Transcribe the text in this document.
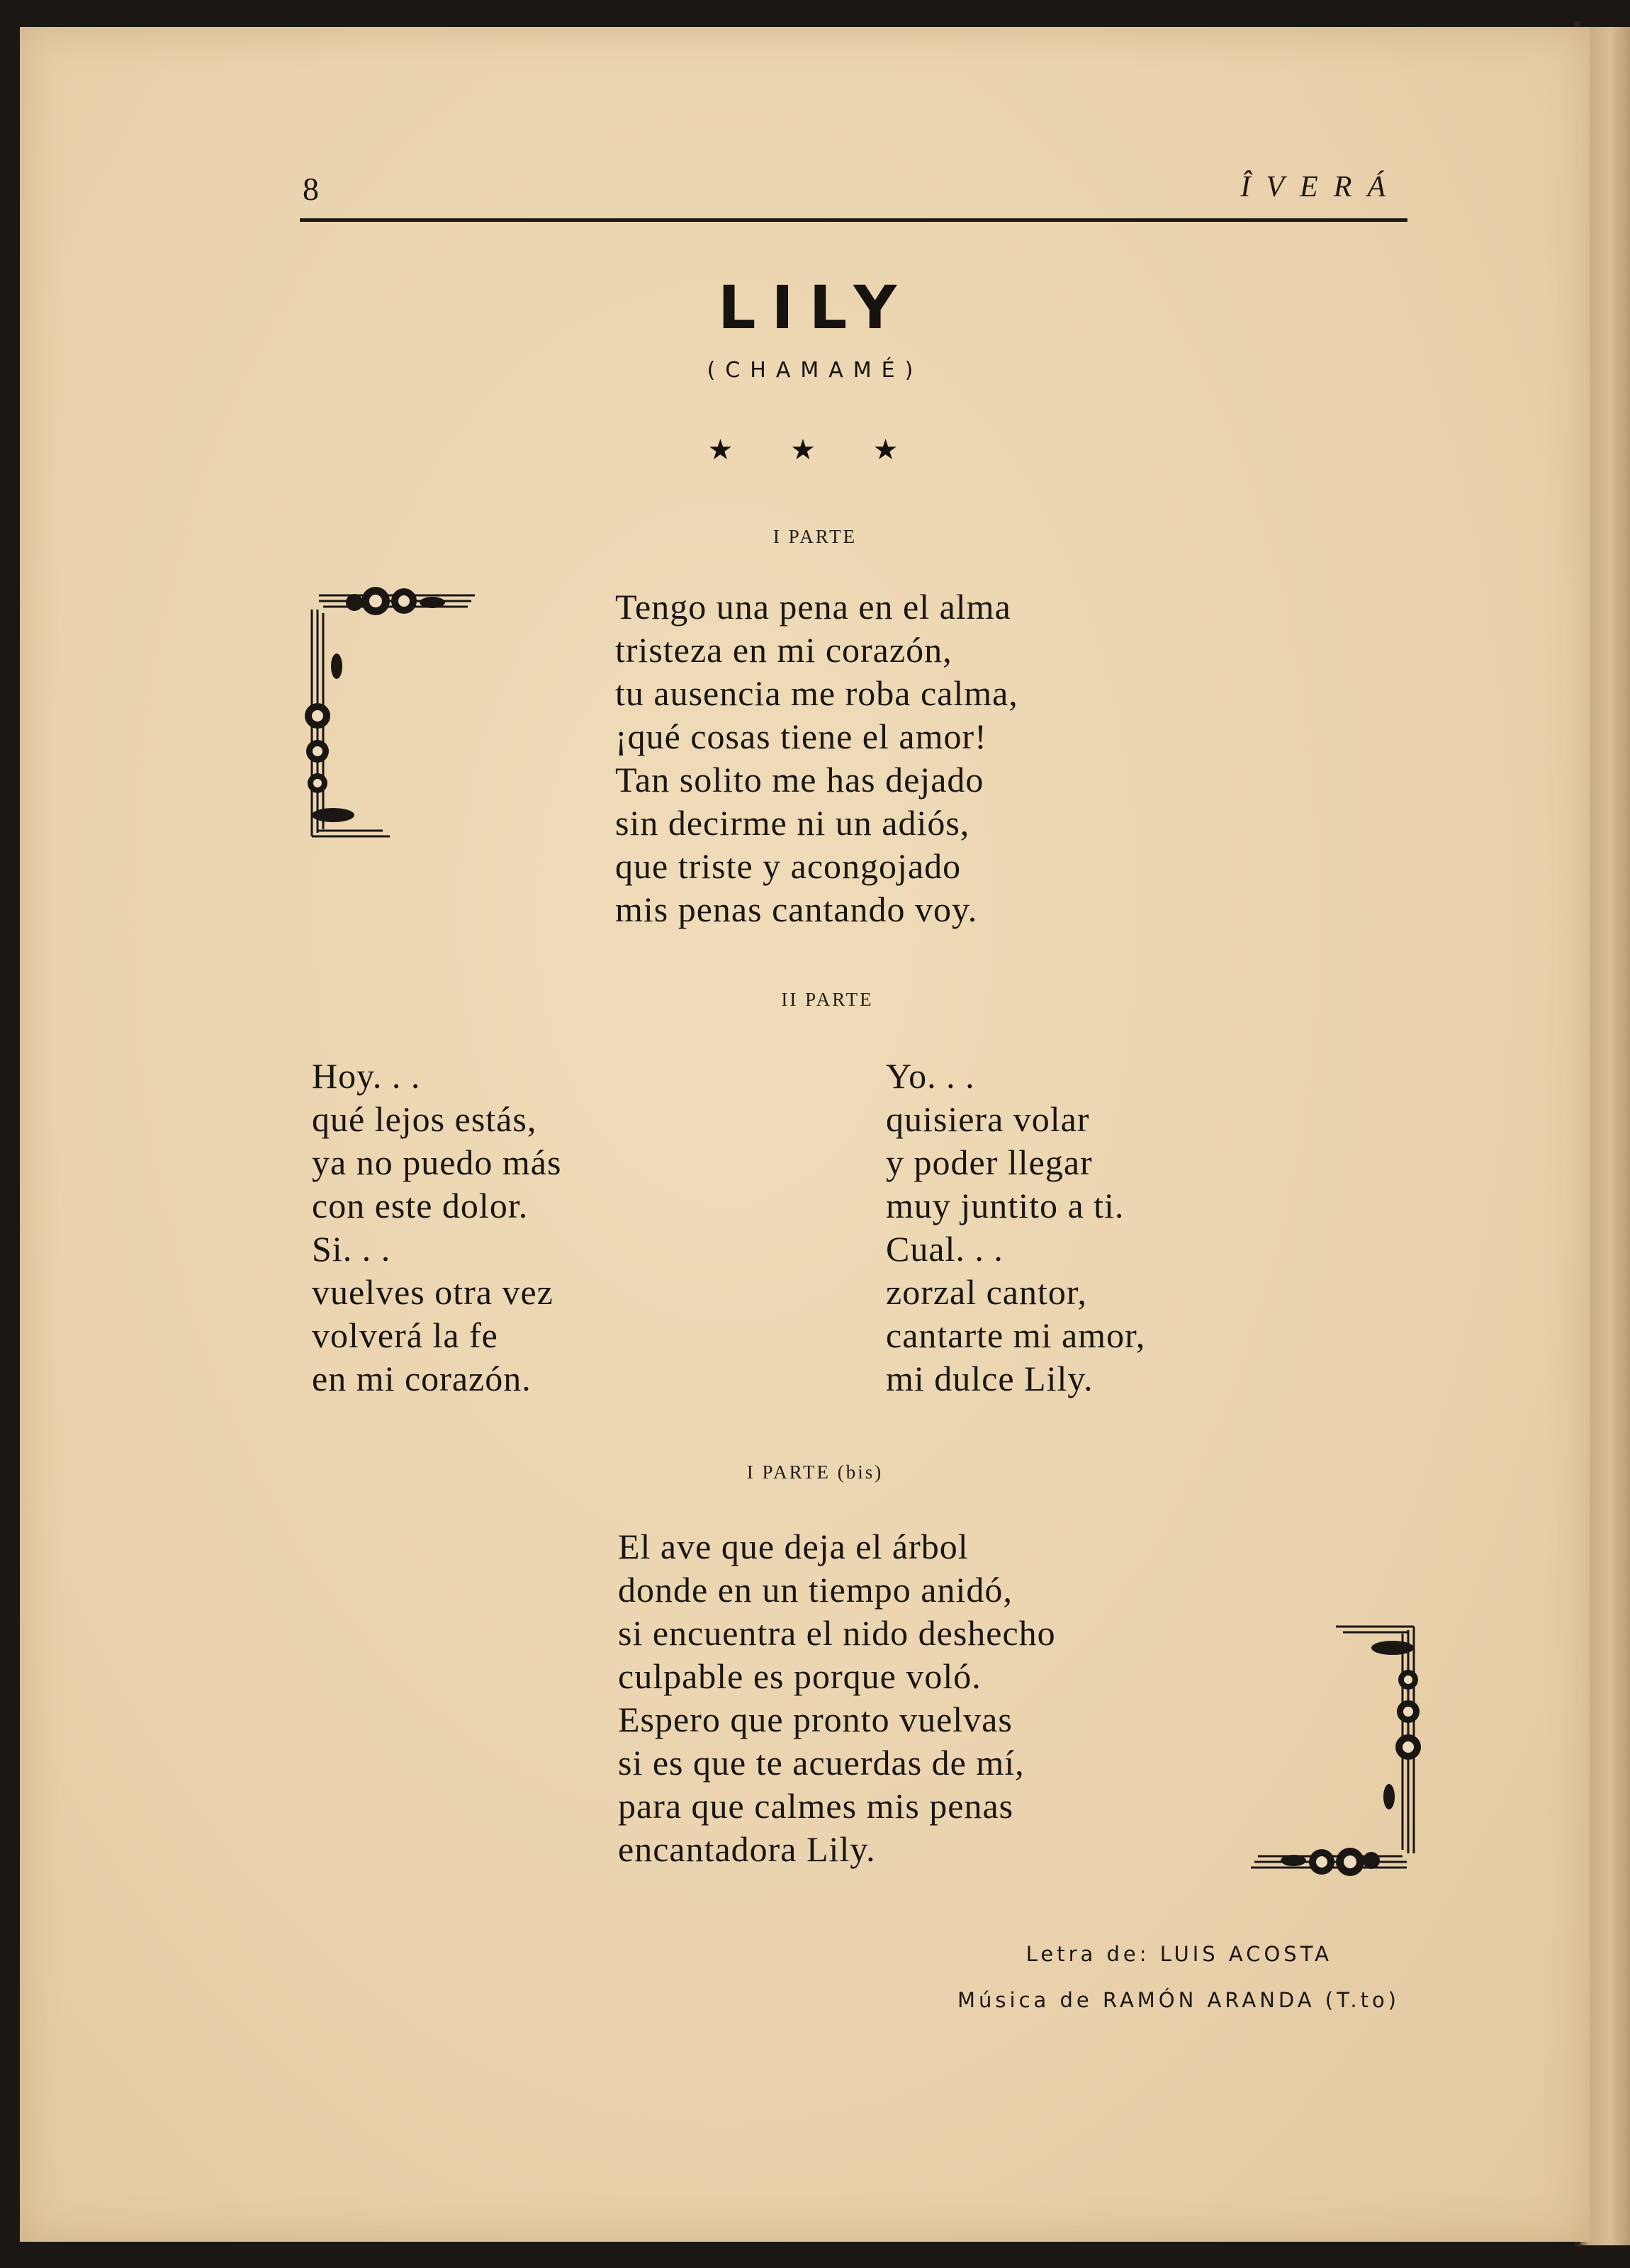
8	ÎVERÁ
LILY
(CHAMAMÉ)
★ ★ ★
I PARTE
Tengo una pena en el alma
tristeza en mi corazón,
tu ausencia me roba calma,
¡qué cosas tiene el amor!
Tan solito me has dejado
sin decirme ni un adiós,
que triste y acongojado
mis penas cantando voy.
II PARTE
Hoy. . .
qué lejos estás,
ya no puedo más
con este dolor.
Si. . .
vuelves otra vez
volverá la fe
en mi corazón.
Yo. . .
quisiera volar
y poder llegar
muy juntito a ti.
Cual. . .
zorzal cantor,
cantarte mi amor,
mi dulce Lily.
I PARTE (bis)
El ave que deja el árbol
donde en un tiempo anidó,
si encuentra el nido deshecho
culpable es porque voló.
Espero que pronto vuelvas
si es que te acuerdas de mí,
para que calmes mis penas
encantadora Lily.
Letra de: LUIS ACOSTA
Música de RAMÓN ARANDA (T.to)
